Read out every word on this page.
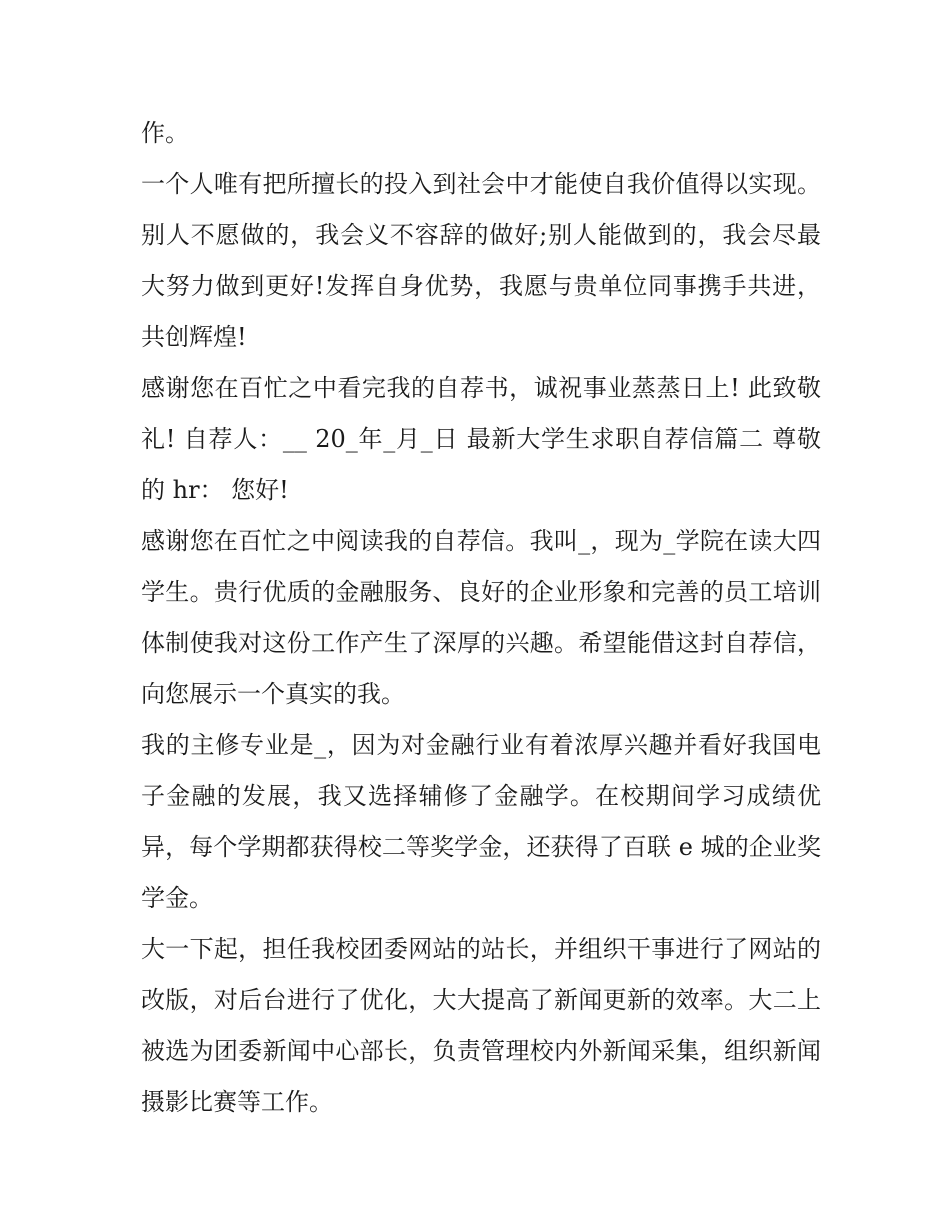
作。

一个人唯有把所擅长的投入到社会中才能使自我价值得以实现。别人不愿做的，我会义不容辞的做好;别人能做到的，我会尽最大努力做到更好!发挥自身优势，我愿与贵单位同事携手共进，共创辉煌!

感谢您在百忙之中看完我的自荐书，诚祝事业蒸蒸日上! 此致敬礼! 自荐人：__ 20_年_月_日 最新大学生求职自荐信篇二 尊敬的 hr： 您好!

感谢您在百忙之中阅读我的自荐信。我叫_，现为_学院在读大四学生。贵行优质的金融服务、良好的企业形象和完善的员工培训体制使我对这份工作产生了深厚的兴趣。希望能借这封自荐信，向您展示一个真实的我。

我的主修专业是_，因为对金融行业有着浓厚兴趣并看好我国电子金融的发展，我又选择辅修了金融学。在校期间学习成绩优异，每个学期都获得校二等奖学金，还获得了百联 e 城的企业奖学金。

大一下起，担任我校团委网站的站长，并组织干事进行了网站的改版，对后台进行了优化，大大提高了新闻更新的效率。大二上被选为团委新闻中心部长，负责管理校内外新闻采集，组织新闻摄影比赛等工作。
